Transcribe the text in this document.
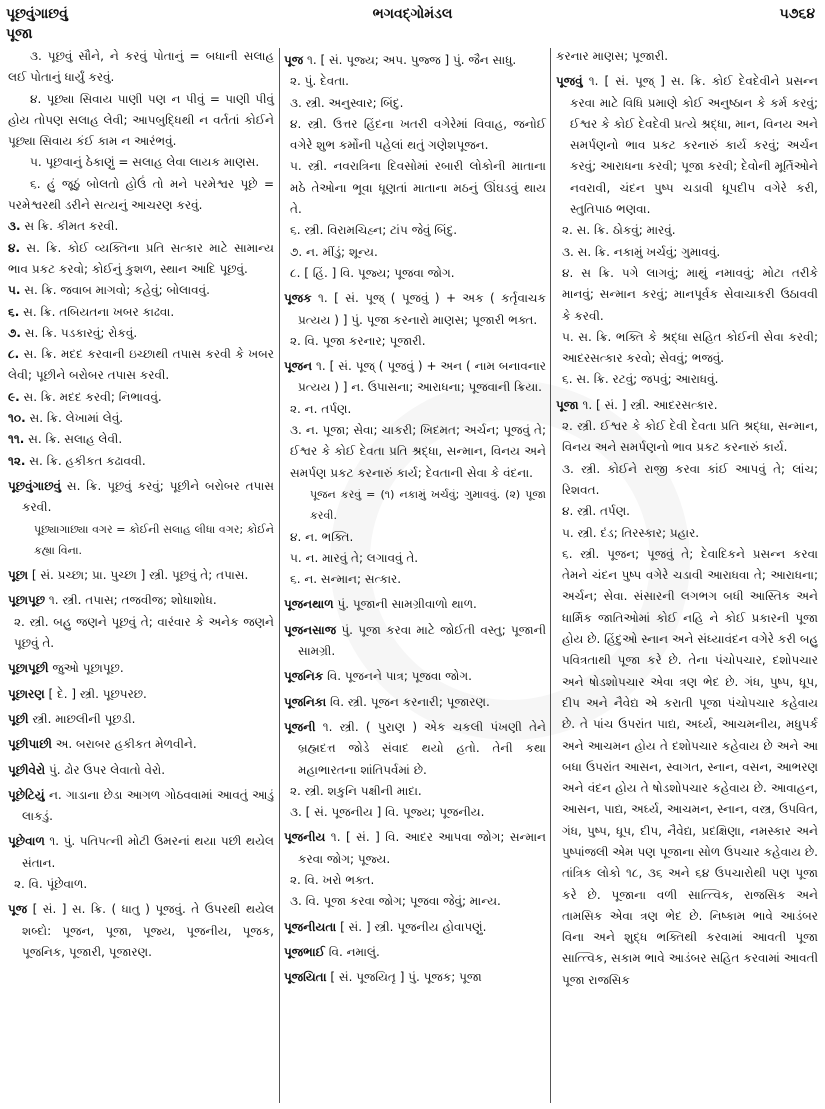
પૂછવુંગાછવું	ભગવદ્ગોમંડલ	૫૭૬૪
પૂજા

૩. પૂછવું સૌને, ને કરવું પોતાનું = બધાની સલાહ લઈ પોતાનું ધાર્યું કરવું.

૪. પૂછ્યા સિવાય પાણી પણ ન પીવું = પાણી પીવું હોય તોપણ સલાહ લેવી; આપબુદ્ધિથી ન વર્તતાં કોઈને પૂછ્યા સિવાય કંઈ કામ ન આરંભવું.

૫. પૂછવાનું ઠેકાણું = સલાહ લેવા લાયક માણસ.

૬. હું જૂઠું બોલતો હોઉં તો મને પરમેશ્વર પૂછે = પરમેશ્વરથી ડરીને સત્યનું આચરણ કરવું.

૩. સ ક્રિ. કીમત કરવી.

૪. સ. ક્રિ. કોઈ વ્યક્તિના પ્રતિ સત્કાર માટે સામાન્ય ભાવ પ્રકટ કરવો; કોઈનું કુશળ, સ્થાન આદિ પૂછવું.

૫. સ. ક્રિ. જવાબ માગવો; કહેવું; બોલાવવું.

૬. સ. ક્રિ. તબિયતના ખબર કાઢવા.

૭. સ. ક્રિ. પડકારવું; રોકવું.

૮. સ. ક્રિ. મદદ કરવાની ઇચ્છાથી તપાસ કરવી કે ખબર લેવી; પૂછીને બરોબર તપાસ કરવી.

૯. સ. ક્રિ. મદદ કરવી; નિભાવવું.

૧૦. સ. ક્રિ. લેખામાં લેવું.

૧૧. સ. ક્રિ. સલાહ લેવી.

૧૨. સ. ક્રિ. હકીકત કઢાવવી.

પૂછવુંગાછવું સ. ક્રિ. પૂછવું કરવું; પૂછીને બરોબર તપાસ કરવી.

પૂછ્યાગાછ્યા વગર = કોઈની સલાહ લીધા વગર; કોઈને કહ્યા વિના.

પૂછા [ સં. પ્રચ્છા; પ્રા. પુચ્છા ] સ્ત્રી. પૂછવું તે; તપાસ.

પૂછાપૂછ ૧. સ્ત્રી. તપાસ; તજવીજ; શોધાશોધ.

૨. સ્ત્રી. બહુ જણને પૂછવું તે; વારંવાર કે અનેક જણને પૂછવું તે.

પૂછાપૂછી જુઓ પૂછાપૂછ.

પૂછારણ [ દે. ] સ્ત્રી. પૂછપરછ.

પૂછી સ્ત્રી. માછલીની પૂછડી.

પૂછીપાછી અ. બરાબર હકીકત મેળવીને.

પૂછીવેરો પું. ઢોર ઉપર લેવાતો વેરો.

પૂછેટિયું ન. ગાડાના છેડા આગળ ગોઠવવામાં આવતું આડું લાકડું.

પૂછેવાળ ૧. પું. પતિપત્ની મોટી ઉમરનાં થયા પછી થયેલ સંતાન.

૨. વિ. પૂંછેવાળ.

પૂજ [ સં. ] સ. ક્રિ. ( ધાતુ ) પૂજવું. તે ઉપરથી થયેલ શબ્દો: પૂજન, પૂજા, પૂજ્ય, પૂજનીય, પૂજક, પૂજનિક, પૂજારી, પૂજારણ.

પૂજ ૧. [ સં. પૂજ્ય; અપ. પુજ્જ ] પું. જૈન સાધુ.

૨. પું. દેવતા.

૩. સ્ત્રી. અનુસ્વાર; બિંદુ.

૪. સ્ત્રી. ઉત્તર હિંદના ખતરી વગેરેમાં વિવાહ, જનોઈ વગેરે શુભ કર્મોની પહેલાં થતું ગણેશપૂજન.

૫. સ્ત્રી. નવરાત્રિના દિવસોમાં રબારી લોકોની માતાના મઠે તેઓના ભૂવા ધૂણતાં માતાના મઠનું ઊંઘડવું થાય તે.

૬. સ્ત્રી. વિરામચિહ્ન; ટાંપ જેવું બિંદુ.

૭. ન. મીંડું; શૂન્ય.

૮. [ હિં. ] વિ. પૂજ્ય; પૂજવા જોગ.

પૂજક ૧. [ સં. પૂજ્ ( પૂજવું ) + અક ( કર્તૃવાચક પ્રત્યય ) ] પું. પૂજા કરનારો માણસ; પૂજારી ભક્ત.

૨. વિ. પૂજા કરનાર; પૂજારી.

પૂજન ૧. [ સં. પૂજ્ ( પૂજવું ) + અન ( નામ બનાવનાર પ્રત્યય ) ] ન. ઉપાસના; આરાધના; પૂજવાની ક્રિયા.

૨. ન. તર્પણ.

૩. ન. પૂજા; સેવા; ચાકરી; ખિદમત; અર્ચન; પૂજવું તે; ઈશ્વર કે કોઈ દેવતા પ્રતિ શ્રદ્ધા, સન્માન, વિનય અને સમર્પણ પ્રકટ કરનારું કાર્ય; દેવતાની સેવા કે વંદના.

પૂજન કરવું = (૧) નકામું ખર્ચવું; ગુમાવવું. (૨) પૂજા કરવી.

૪. ન. ભક્તિ.

૫. ન. મારવું તે; લગાવવું તે.

૬. ન. સન્માન; સત્કાર.

પૂજનથાળ પું. પૂજાની સામગ્રીવાળો થાળ.

પૂજનસાજ પું. પૂજા કરવા માટે જોઈતી વસ્તુ; પૂજાની સામગ્રી.

પૂજનિક વિ. પૂજનને પાત્ર; પૂજવા જોગ.

પૂજનિકા વિ. સ્ત્રી. પૂજન કરનારી; પૂજારણ.

પૂજની ૧. સ્ત્રી. ( પુરાણ ) એક ચકલી પંખણી તેને બ્રહ્મદત્ત જોડે સંવાદ થયો હતો. તેની કથા મહાભારતના શાંતિપર્વમાં છે.

૨. સ્ત્રી. શકુનિ પક્ષીની માદા.

૩. [ સં. પૂજનીય ] વિ. પૂજ્ય; પૂજનીય.

પૂજનીય ૧. [ સં. ] વિ. આદર આપવા જોગ; સન્માન કરવા જોગ; પૂજ્ય.

૨. વિ. ખરો ભક્ત.

૩. વિ. પૂજા કરવા જોગ; પૂજવા જેવું; માન્ય.

પૂજનીયતા [ સં. ] સ્ત્રી. પૂજનીય હોવાપણું.

પૂજભાઈ વિ. નમાલું.

પૂજયિતા [ સં. પૂજયિતૃ ] પું. પૂજક; પૂજા

કરનાર માણસ; પૂજારી.

પૂજવું ૧. [ સં. પૂજ્ ] સ. ક્રિ. કોઈ દેવદેવીને પ્રસન્ન કરવા માટે વિધિ પ્રમાણે કોઈ અનુષ્ઠાન કે કર્મ કરવું; ઈશ્વર કે કોઈ દેવદેવી પ્રત્યે શ્રદ્ધા, માન, વિનય અને સમર્પણનો ભાવ પ્રકટ કરનારું કાર્ય કરવું; અર્ચન કરવું; આરાધના કરવી; પૂજા કરવી; દેવોની મૂર્તિઓને નવરાવી, ચંદન પુષ્પ ચડાવી ધૂપદીપ વગેરે કરી, સ્તુતિપાઠ ભણવા.

૨. સ. ક્રિ. ઠોકવું; મારવું.

૩. સ. ક્રિ. નકામું ખર્ચવું; ગુમાવવું.

૪. સ ક્રિ. પગે લાગવું; માથું નમાવવું; મોટા તરીકે માનવું; સન્માન કરવું; માનપૂર્વક સેવાચાકરી ઉઠાવવી કે કરવી.

૫. સ. ક્રિ. ભક્તિ કે શ્રદ્ધા સહિત કોઈની સેવા કરવી; આદરસત્કાર કરવો; સેવવું; ભજવું.

૬. સ. ક્રિ. રટવું; જપવું; આરાધવું.

પૂજા ૧. [ સં. ] સ્ત્રી. આદરસત્કાર.

૨. સ્ત્રી. ઈશ્વર કે કોઈ દેવી દેવતા પ્રતિ શ્રદ્ધા, સન્માન, વિનય અને સમર્પણનો ભાવ પ્રકટ કરનારું કાર્ય.

૩. સ્ત્રી. કોઈને રાજી કરવા કાંઈ આપવું તે; લાંચ; રિશવત.

૪. સ્ત્રી. તર્પણ.

૫. સ્ત્રી. દંડ; તિરસ્કાર; પ્રહાર.

૬. સ્ત્રી. પૂજન; પૂજવું તે; દેવાદિકને પ્રસન્ન કરવા તેમને ચંદન પુષ્પ વગેરે ચડાવી આરાધવા તે; આરાધના; અર્ચન; સેવા. સંસારની લગભગ બધી આસ્તિક અને ધાર્મિક જાતિઓમાં કોઈ નહિ ને કોઈ પ્રકારની પૂજા હોય છે. હિંદુઓ સ્નાન અને સંધ્યાવંદન વગેરે કરી બહુ પવિત્રતાથી પૂજા કરે છે. તેના પંચોપચાર, દશોપચાર અને ષોડશોપચાર એવા ત્રણ ભેદ છે. ગંધ, પુષ્પ, ધૂપ, દીપ અને નૈવેદ્ય એ કરાતી પૂજા પંચોપચાર કહેવાય છે. તે પાંચ ઉપરાંત પાદ્ય, અર્ઘ્ય, આચમનીય, મધુપર્ક અને આચમન હોય તે દશોપચાર કહેવાય છે અને આ બધા ઉપરાંત આસન, સ્વાગત, સ્નાન, વસન, આભરણ અને વંદન હોય તે ષોડશોપચાર કહેવાય છે. આવાહન, આસન, પાદ્ય, અર્ઘ્ય, આચમન, સ્નાન, વસ્ત્ર, ઉપવિત, ગંધ, પુષ્પ, ધૂપ, દીપ, નૈવેદ્ય, પ્રદક્ષિણા, નમસ્કાર અને પુષ્પાંજલી એમ પણ પૂજાના સોળ ઉપચાર કહેવાય છે. તાંત્રિક લોકો ૧૮, ૩૬ અને ૬૪ ઉપચારોથી પણ પૂજા કરે છે. પૂજાના વળી સાત્ત્વિક, રાજસિક અને તામસિક એવા ત્રણ ભેદ છે. નિષ્કામ ભાવે આડંબર વિના અને શુદ્ધ ભક્તિથી કરવામાં આવતી પૂજા સાત્ત્વિક, સકામ ભાવે આડંબર સહિત કરવામાં આવતી પૂજા રાજસિક
